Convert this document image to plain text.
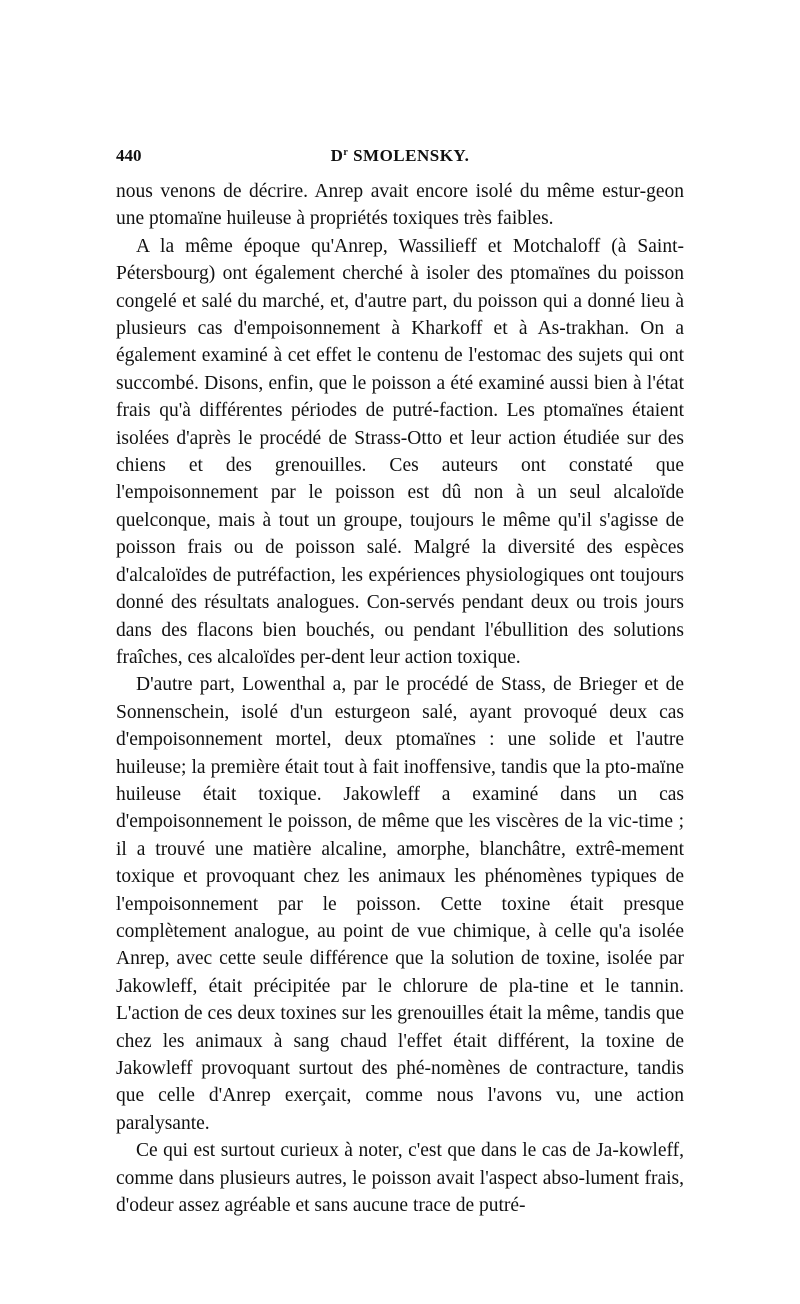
440	$D^r$ SMOLENSKY.

nous venons de décrire. Anrep avait encore isolé du même estur-geon une ptomaïne huileuse à propriétés toxiques très faibles.

A la même époque qu'Anrep, Wassilieff et Motchaloff (à Saint-Pétersbourg) ont également cherché à isoler des ptomaïnes du poisson congelé et salé du marché, et, d'autre part, du poisson qui a donné lieu à plusieurs cas d'empoisonnement à Kharkoff et à As-trakhan. On a également examiné à cet effet le contenu de l'estomac des sujets qui ont succombé. Disons, enfin, que le poisson a été examiné aussi bien à l'état frais qu'à différentes périodes de putré-faction. Les ptomaïnes étaient isolées d'après le procédé de Strass-Otto et leur action étudiée sur des chiens et des grenouilles. Ces auteurs ont constaté que l'empoisonnement par le poisson est dû non à un seul alcaloïde quelconque, mais à tout un groupe, toujours le même qu'il s'agisse de poisson frais ou de poisson salé. Malgré la diversité des espèces d'alcaloïdes de putréfaction, les expériences physiologiques ont toujours donné des résultats analogues. Con-servés pendant deux ou trois jours dans des flacons bien bouchés, ou pendant l'ébullition des solutions fraîches, ces alcaloïdes per-dent leur action toxique.

D'autre part, Lowenthal a, par le procédé de Stass, de Brieger et de Sonnenschein, isolé d'un esturgeon salé, ayant provoqué deux cas d'empoisonnement mortel, deux ptomaïnes : une solide et l'autre huileuse; la première était tout à fait inoffensive, tandis que la pto-maïne huileuse était toxique. Jakowleff a examiné dans un cas d'empoisonnement le poisson, de même que les viscères de la vic-time ; il a trouvé une matière alcaline, amorphe, blanchâtre, extrê-mement toxique et provoquant chez les animaux les phénomènes typiques de l'empoisonnement par le poisson. Cette toxine était presque complètement analogue, au point de vue chimique, à celle qu'a isolée Anrep, avec cette seule différence que la solution de toxine, isolée par Jakowleff, était précipitée par le chlorure de pla-tine et le tannin. L'action de ces deux toxines sur les grenouilles était la même, tandis que chez les animaux à sang chaud l'effet était différent, la toxine de Jakowleff provoquant surtout des phé-nomènes de contracture, tandis que celle d'Anrep exerçait, comme nous l'avons vu, une action paralysante.

Ce qui est surtout curieux à noter, c'est que dans le cas de Ja-kowleff, comme dans plusieurs autres, le poisson avait l'aspect abso-lument frais, d'odeur assez agréable et sans aucune trace de putré-
